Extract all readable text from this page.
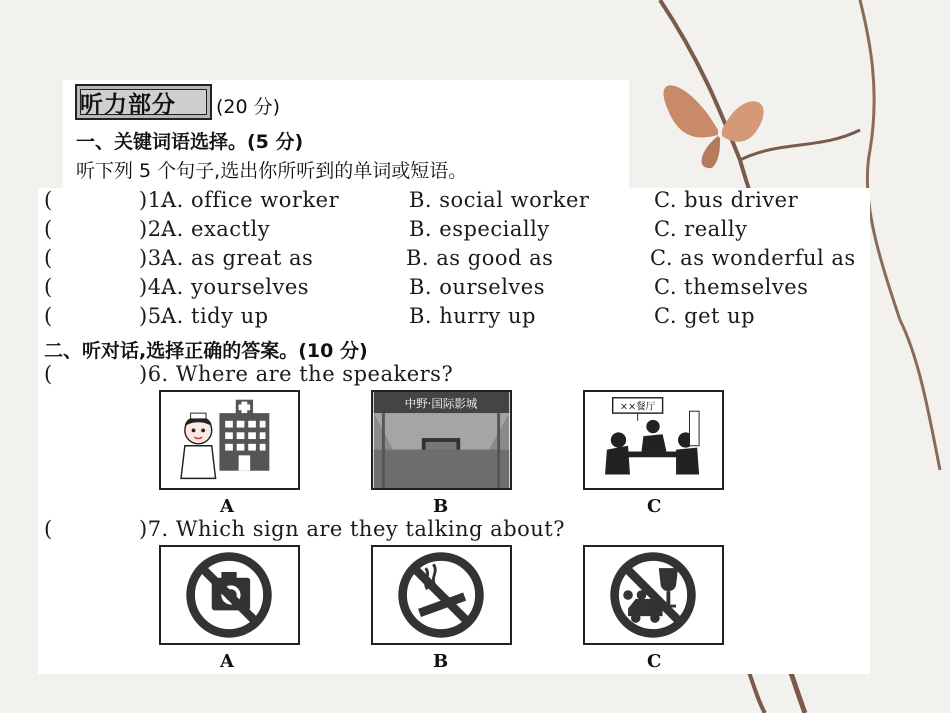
听力部分 (20 分)
一、关键词语选择。(5 分)
听下列 5 个句子,选出你所听到的单词或短语。
(	)1.
A. office worker	B. social worker	C. bus driver
(	)2.
A. exactly	B. especially	C. really
(	)3.
A. as great as	B. as good as	C. as wonderful as
(	)4.
A. yourselves	B. ourselves	C. themselves
(	)5.
A. tidy up	B. hurry up	C. get up
二、听对话,选择正确的答案。(10 分)
(	)6. Where are the speakers?
中野·国际影城	××餐厅
A	B	C
(	)7. Which sign are they talking about?
A	B	C
